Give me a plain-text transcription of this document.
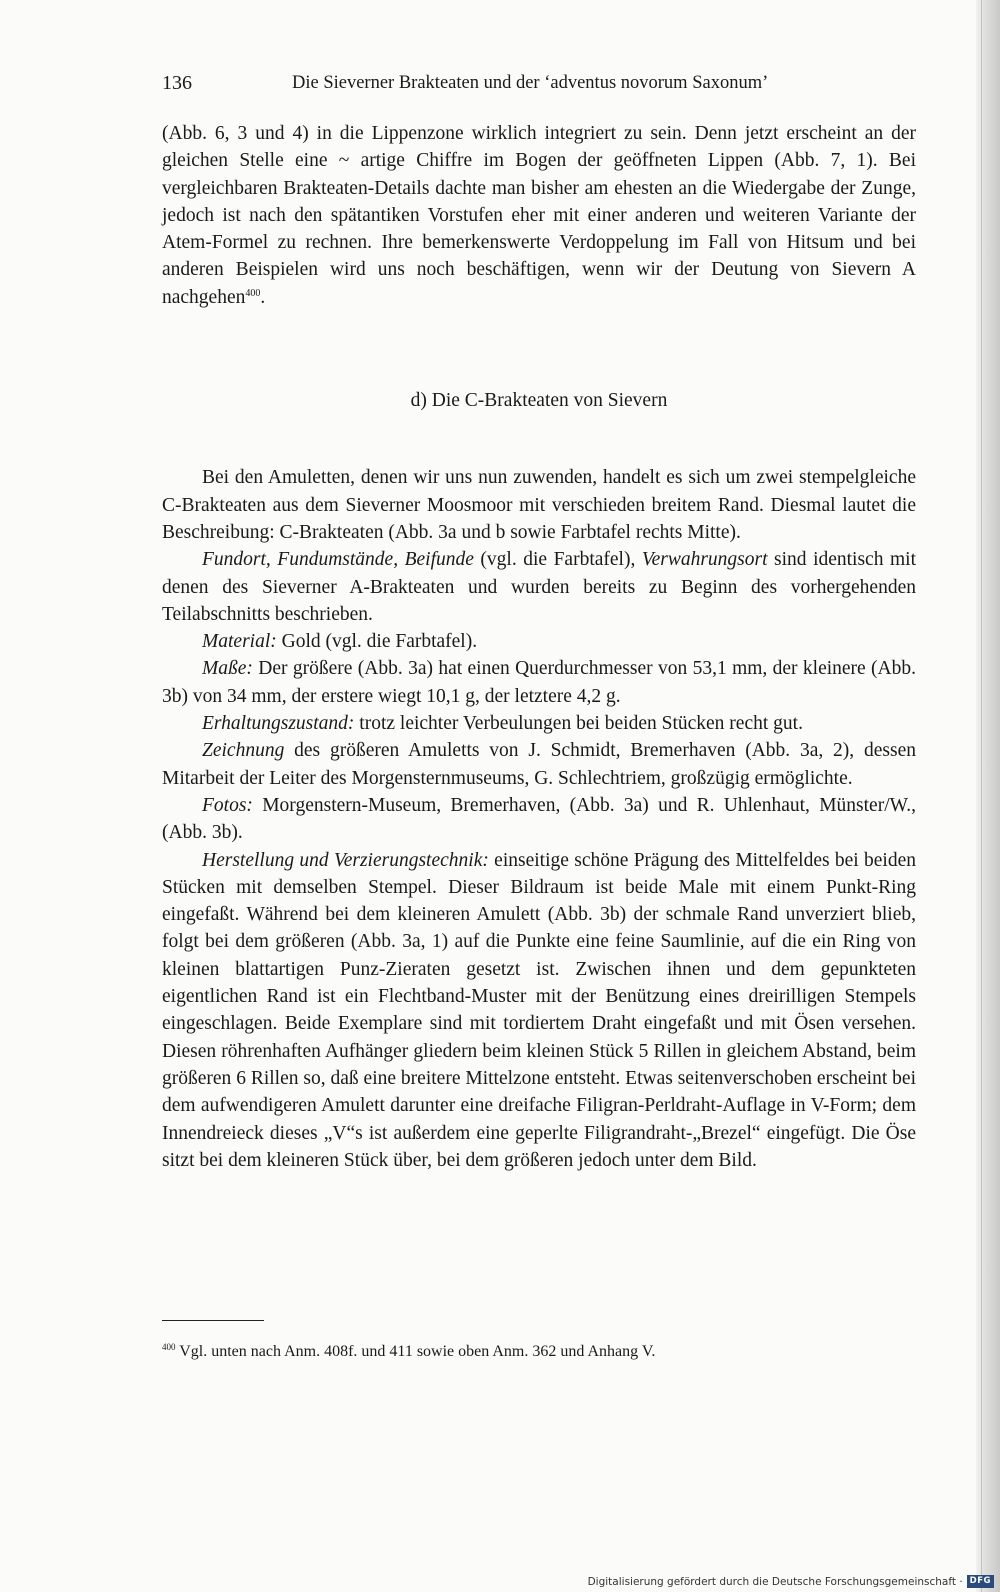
136	Die Sieverner Brakteaten und der ‘adventus novorum Saxonum’

(Abb. 6, 3 und 4) in die Lippenzone wirklich integriert zu sein. Denn jetzt erscheint an der gleichen Stelle eine ~ artige Chiffre im Bogen der geöffneten Lippen (Abb. 7, 1). Bei vergleichbaren Brakteaten-Details dachte man bisher am ehesten an die Wiedergabe der Zunge, jedoch ist nach den spätantiken Vorstufen eher mit einer anderen und weiteren Variante der Atem-Formel zu rechnen. Ihre bemerkenswerte Verdoppelung im Fall von Hitsum und bei anderen Beispielen wird uns noch beschäftigen, wenn wir der Deutung von Sievern A nachgehen$^{400}$.

d) Die C-Brakteaten von Sievern

Bei den Amuletten, denen wir uns nun zuwenden, handelt es sich um zwei stempelgleiche C-Brakteaten aus dem Sieverner Moosmoor mit verschieden breitem Rand. Diesmal lautet die Beschreibung: C-Brakteaten (Abb. 3a und b sowie Farbtafel rechts Mitte).

Fundort, Fundumstände, Beifunde (vgl. die Farbtafel), Verwahrungsort sind identisch mit denen des Sieverner A-Brakteaten und wurden bereits zu Beginn des vorhergehenden Teilabschnitts beschrieben.

Material: Gold (vgl. die Farbtafel).

Maße: Der größere (Abb. 3a) hat einen Querdurchmesser von 53,1 mm, der kleinere (Abb. 3b) von 34 mm, der erstere wiegt 10,1 g, der letztere 4,2 g.

Erhaltungszustand: trotz leichter Verbeulungen bei beiden Stücken recht gut.

Zeichnung des größeren Amuletts von J. Schmidt, Bremerhaven (Abb. 3a, 2), dessen Mitarbeit der Leiter des Morgensternmuseums, G. Schlechtriem, großzügig ermöglichte.

Fotos: Morgenstern-Museum, Bremerhaven, (Abb. 3a) und R. Uhlenhaut, Münster/W., (Abb. 3b).

Herstellung und Verzierungstechnik: einseitige schöne Prägung des Mittelfeldes bei beiden Stücken mit demselben Stempel. Dieser Bildraum ist beide Male mit einem Punkt-Ring eingefaßt. Während bei dem kleineren Amulett (Abb. 3b) der schmale Rand unverziert blieb, folgt bei dem größeren (Abb. 3a, 1) auf die Punkte eine feine Saumlinie, auf die ein Ring von kleinen blattartigen Punz-Zieraten gesetzt ist. Zwischen ihnen und dem gepunkteten eigentlichen Rand ist ein Flechtband-Muster mit der Benützung eines dreirilligen Stempels eingeschlagen. Beide Exemplare sind mit tordiertem Draht eingefaßt und mit Ösen versehen. Diesen röhrenhaften Aufhänger gliedern beim kleinen Stück 5 Rillen in gleichem Abstand, beim größeren 6 Rillen so, daß eine breitere Mittelzone entsteht. Etwas seitenverschoben erscheint bei dem aufwendigeren Amulett darunter eine dreifache Filigran-Perldraht-Auflage in V-Form; dem Innendreieck dieses „V“s ist außerdem eine geperlte Filigrandraht-„Brezel“ eingefügt. Die Öse sitzt bei dem kleineren Stück über, bei dem größeren jedoch unter dem Bild.

$^{400}$ Vgl. unten nach Anm. 408f. und 411 sowie oben Anm. 362 und Anhang V.
Digitalisierung gefördert durch die Deutsche Forschungsgemeinschaft · DFG
